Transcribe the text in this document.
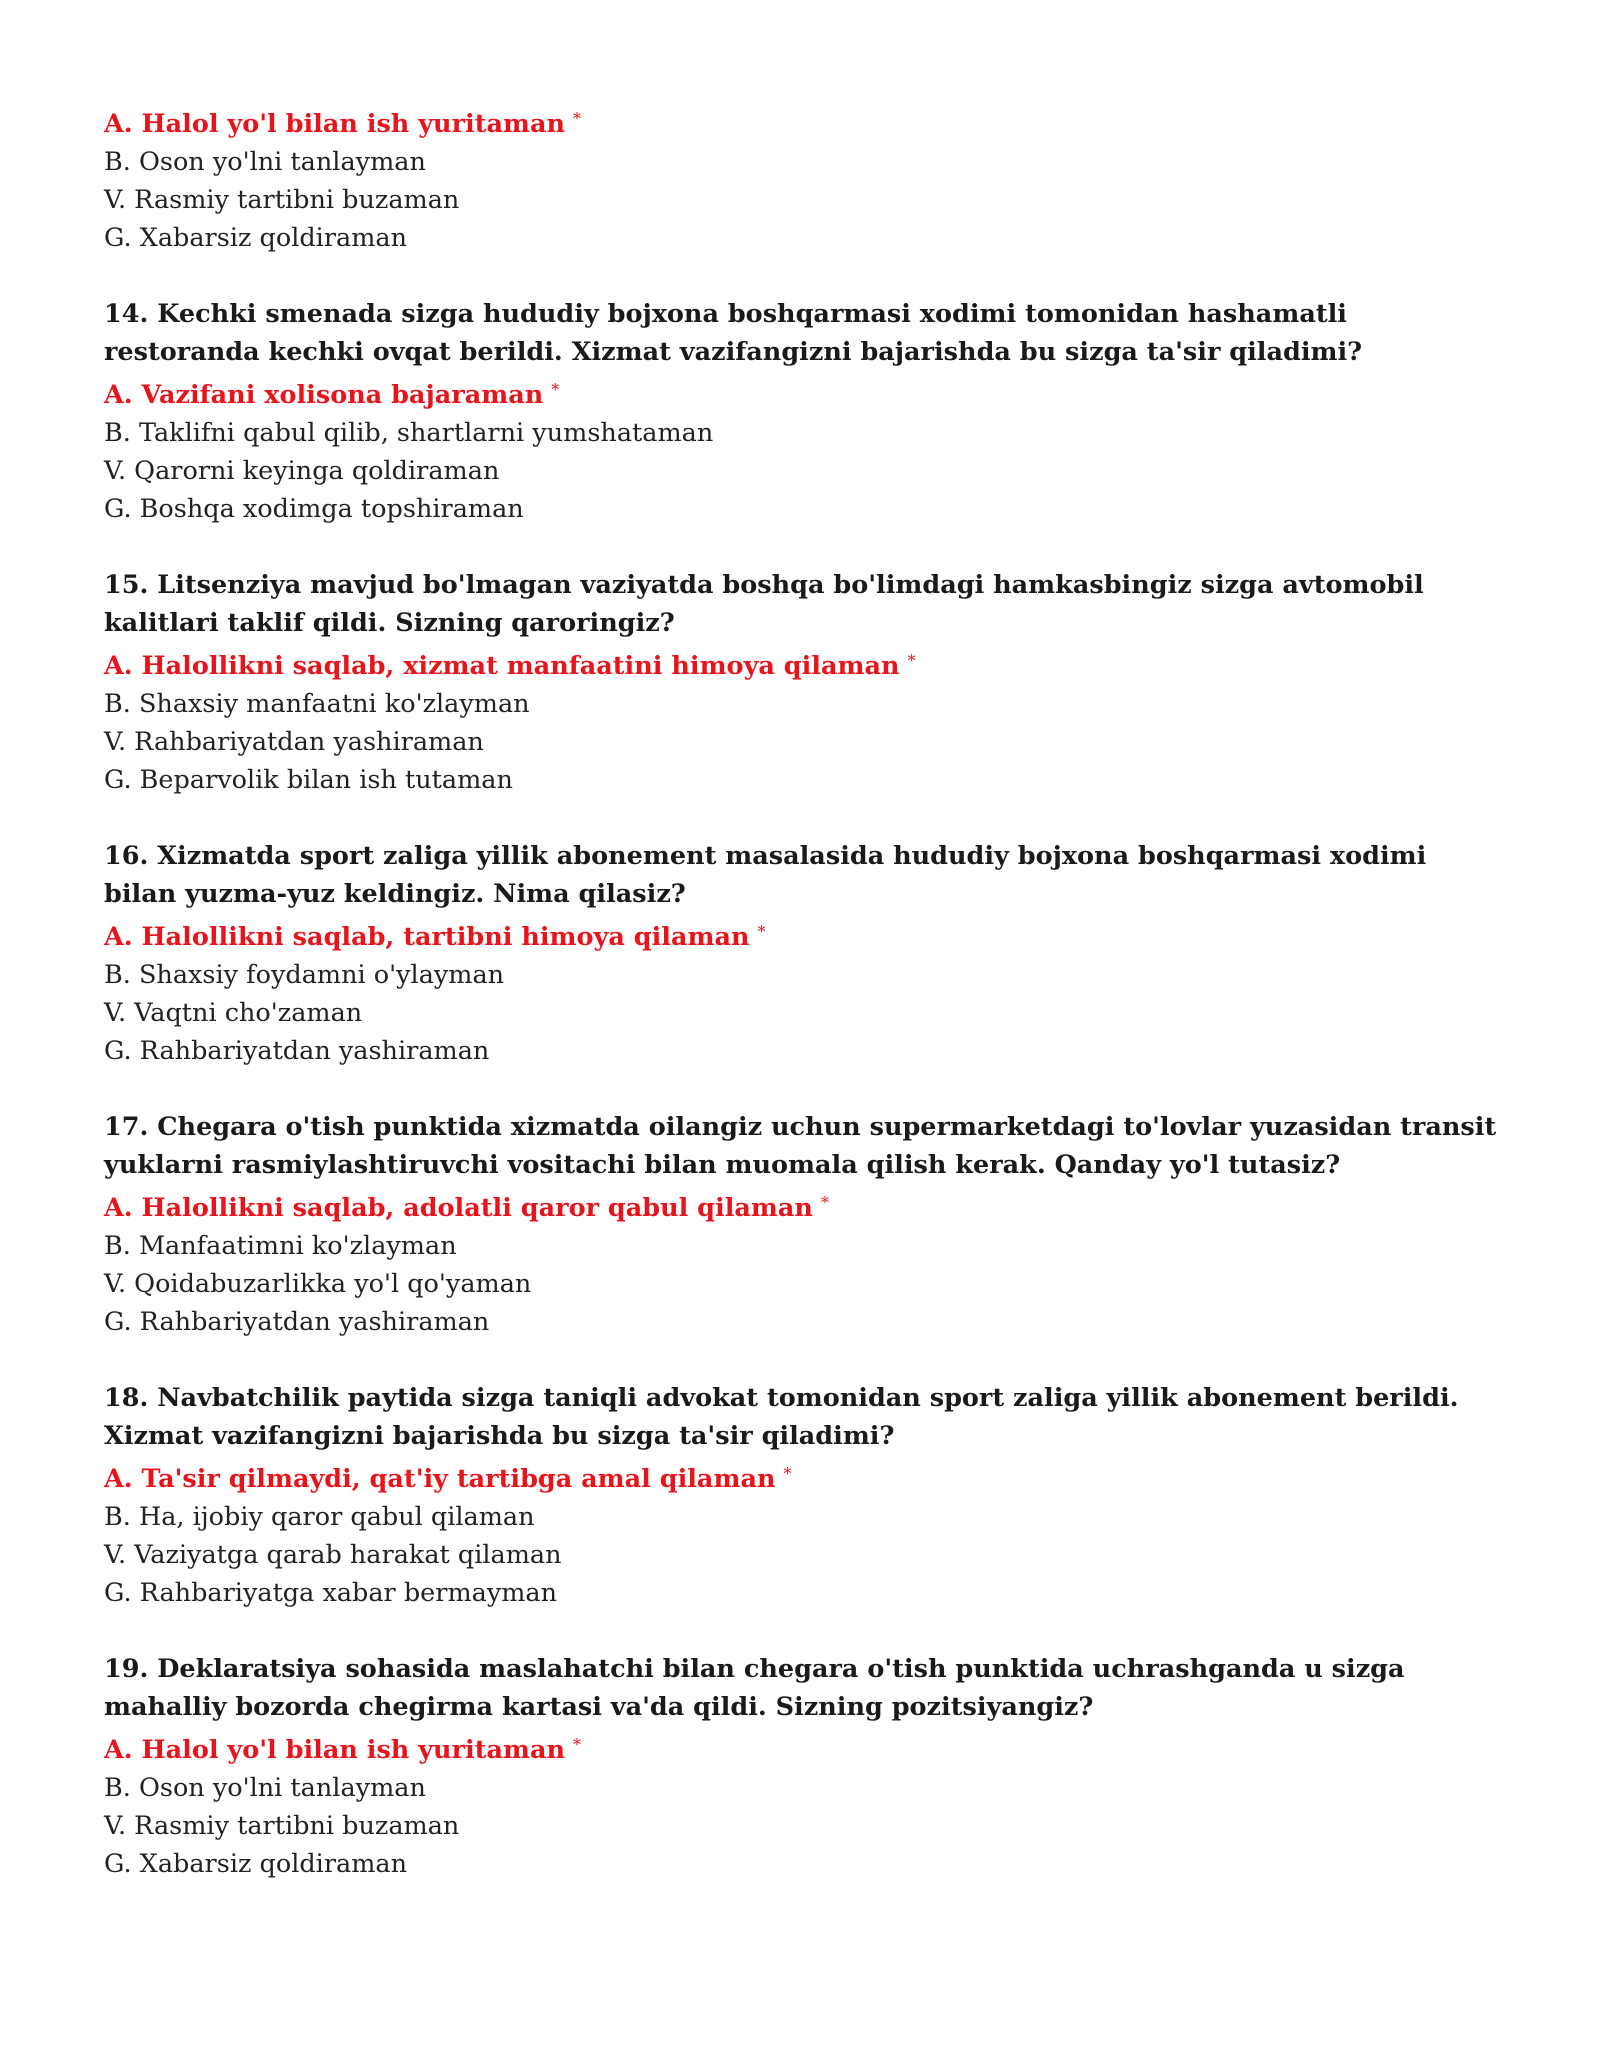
A. Halol yo'l bilan ish yuritaman *

B. Oson yo'lni tanlayman

V. Rasmiy tartibni buzaman

G. Xabarsiz qoldiraman

14. Kechki smenada sizga hududiy bojxona boshqarmasi xodimi tomonidan hashamatli restoranda kechki ovqat berildi. Xizmat vazifangizni bajarishda bu sizga ta'sir qiladimi?

A. Vazifani xolisona bajaraman *

B. Taklifni qabul qilib, shartlarni yumshataman

V. Qarorni keyinga qoldiraman

G. Boshqa xodimga topshiraman

15. Litsenziya mavjud bo'lmagan vaziyatda boshqa bo'limdagi hamkasbingiz sizga avtomobil kalitlari taklif qildi. Sizning qaroringiz?

A. Halollikni saqlab, xizmat manfaatini himoya qilaman *

B. Shaxsiy manfaatni ko'zlayman

V. Rahbariyatdan yashiraman

G. Beparvolik bilan ish tutaman

16. Xizmatda sport zaliga yillik abonement masalasida hududiy bojxona boshqarmasi xodimi bilan yuzma-yuz keldingiz. Nima qilasiz?

A. Halollikni saqlab, tartibni himoya qilaman *

B. Shaxsiy foydamni o'ylayman

V. Vaqtni cho'zaman

G. Rahbariyatdan yashiraman

17. Chegara o'tish punktida xizmatda oilangiz uchun supermarketdagi to'lovlar yuzasidan transit yuklarni rasmiylashtiruvchi vositachi bilan muomala qilish kerak. Qanday yo'l tutasiz?

A. Halollikni saqlab, adolatli qaror qabul qilaman *

B. Manfaatimni ko'zlayman

V. Qoidabuzarlikka yo'l qo'yaman

G. Rahbariyatdan yashiraman

18. Navbatchilik paytida sizga taniqli advokat tomonidan sport zaliga yillik abonement berildi. Xizmat vazifangizni bajarishda bu sizga ta'sir qiladimi?

A. Ta'sir qilmaydi, qat'iy tartibga amal qilaman *

B. Ha, ijobiy qaror qabul qilaman

V. Vaziyatga qarab harakat qilaman

G. Rahbariyatga xabar bermayman

19. Deklaratsiya sohasida maslahatchi bilan chegara o'tish punktida uchrashganda u sizga mahalliy bozorda chegirma kartasi va'da qildi. Sizning pozitsiyangiz?

A. Halol yo'l bilan ish yuritaman *

B. Oson yo'lni tanlayman

V. Rasmiy tartibni buzaman

G. Xabarsiz qoldiraman
